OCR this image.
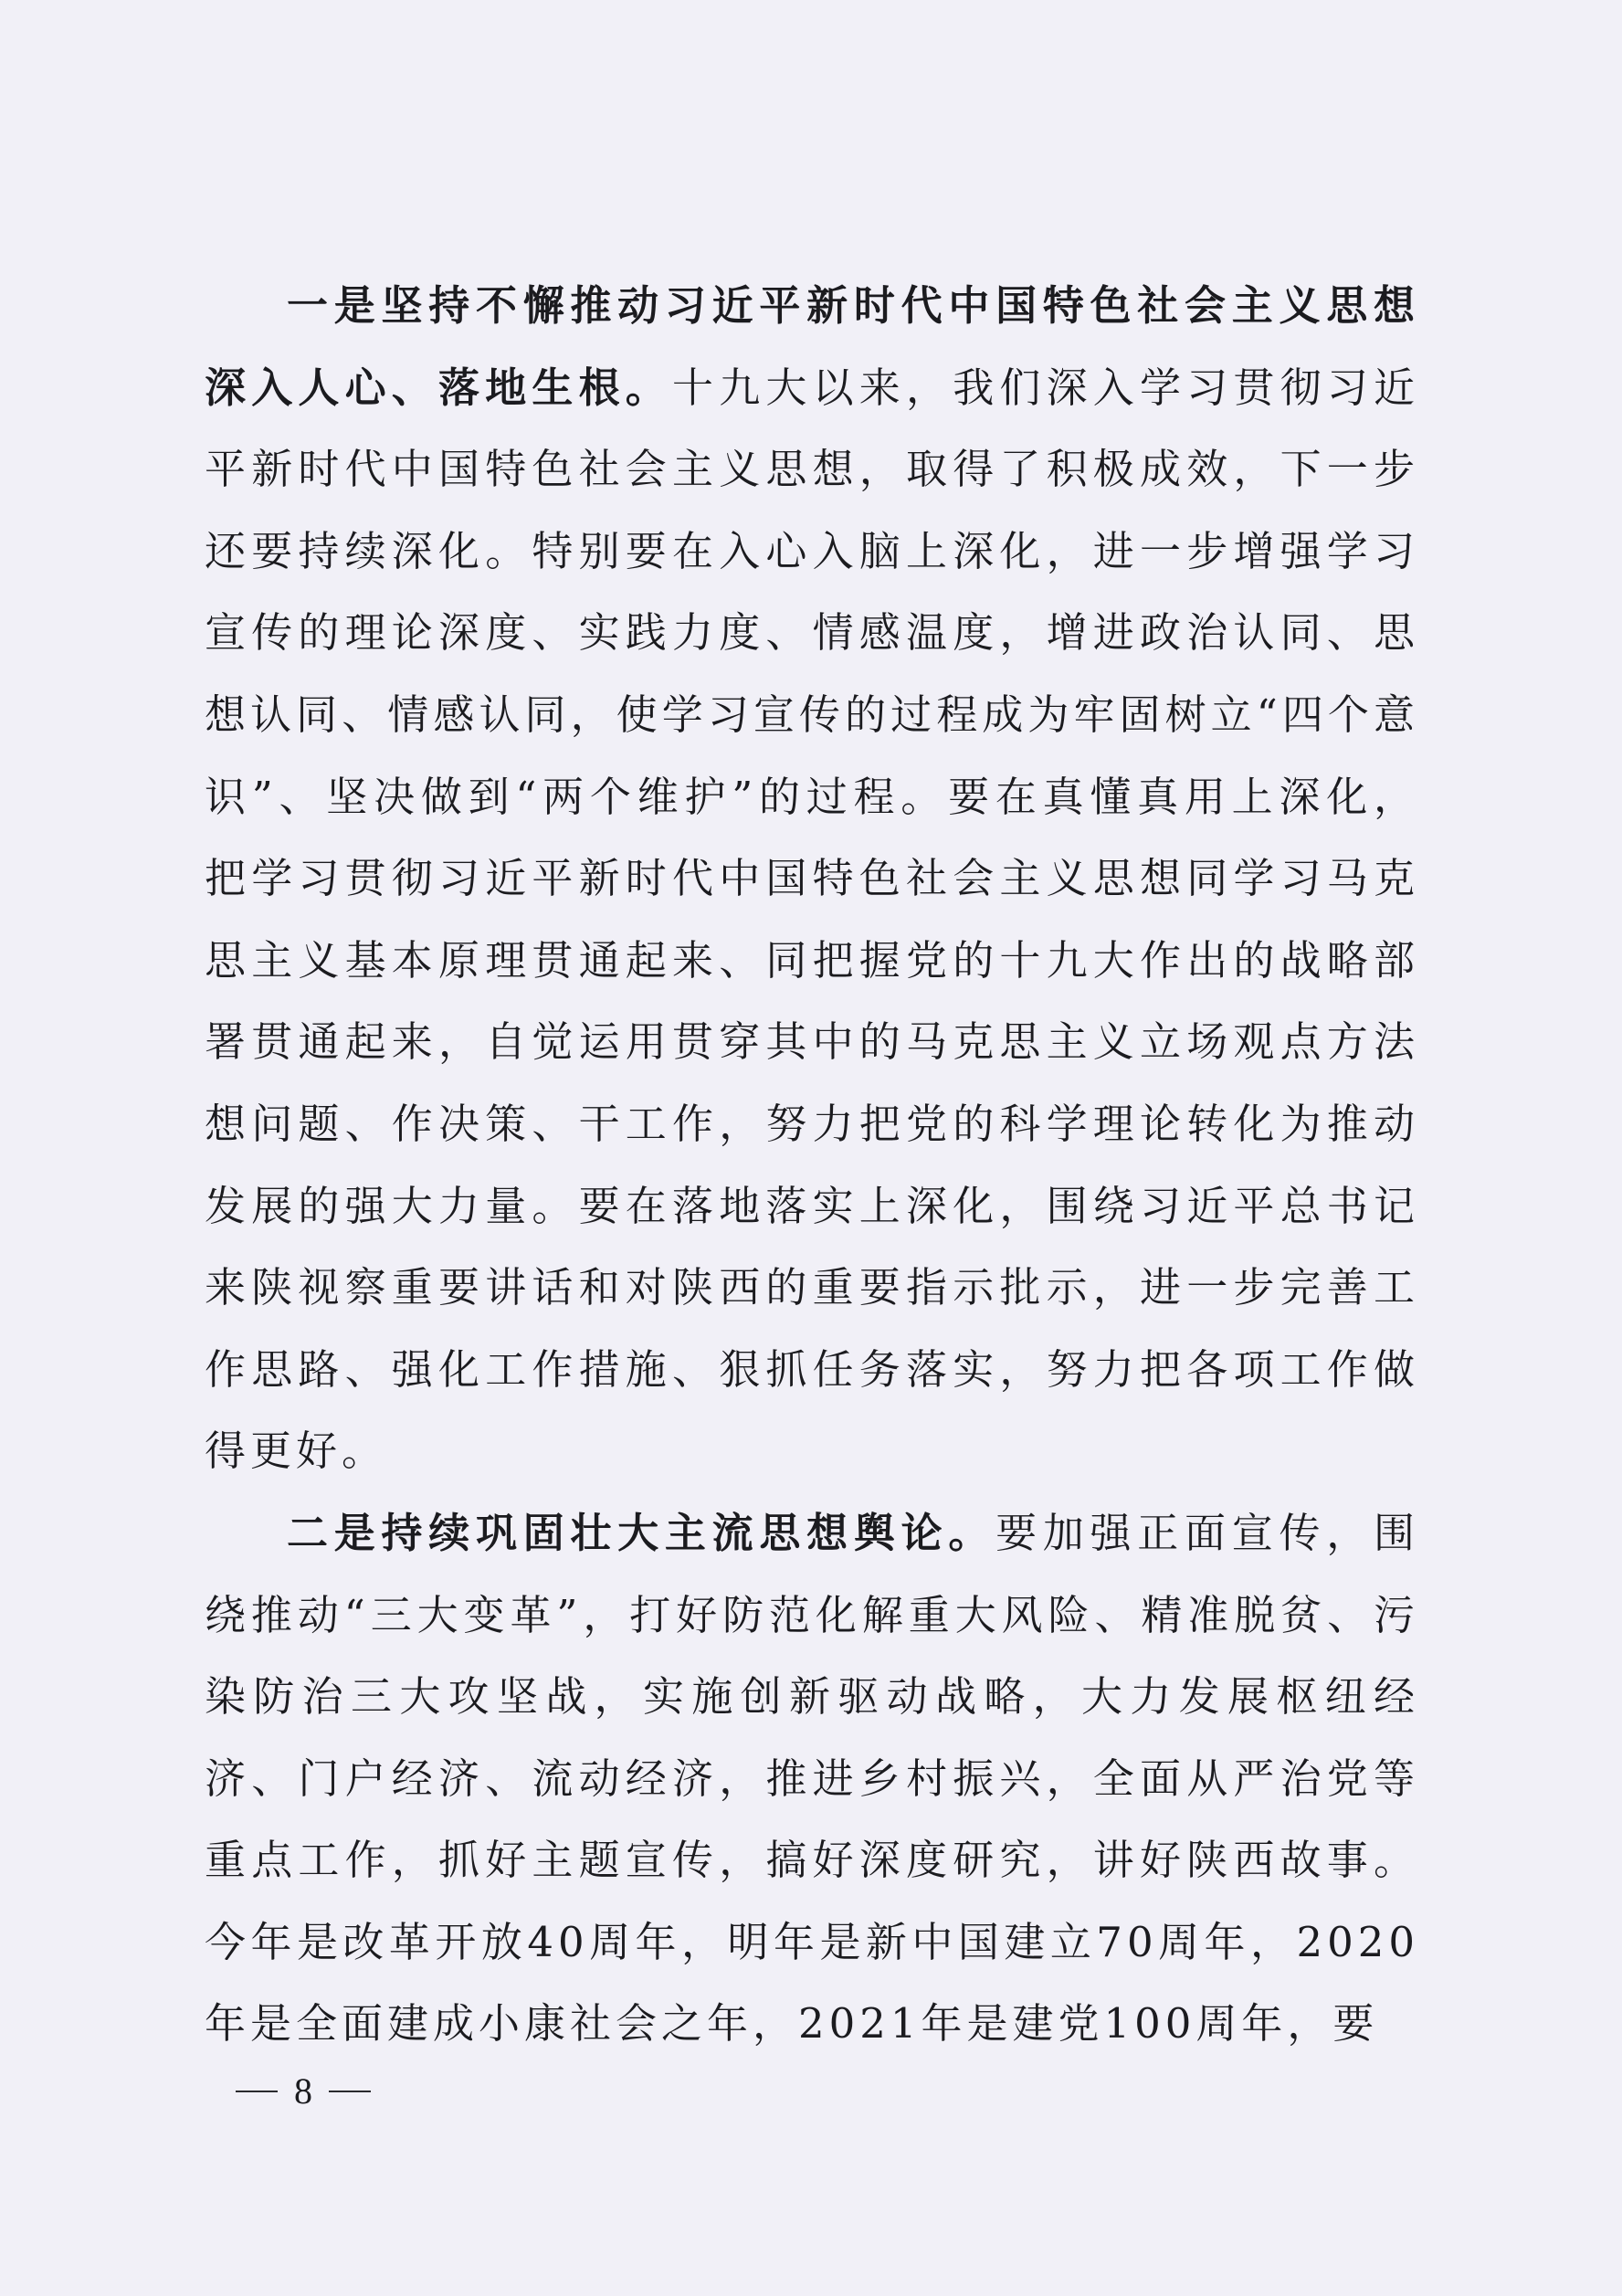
一是坚持不懈推动习近平新时代中国特色社会主义思想深入人心、落地生根。十九大以来，我们深入学习贯彻习近平新时代中国特色社会主义思想，取得了积极成效，下一步还要持续深化。特别要在入心入脑上深化，进一步增强学习宣传的理论深度、实践力度、情感温度，增进政治认同、思想认同、情感认同，使学习宣传的过程成为牢固树立“四个意识”、坚决做到“两个维护”的过程。要在真懂真用上深化，把学习贯彻习近平新时代中国特色社会主义思想同学习马克思主义基本原理贯通起来、同把握党的十九大作出的战略部署贯通起来，自觉运用贯穿其中的马克思主义立场观点方法想问题、作决策、干工作，努力把党的科学理论转化为推动发展的强大力量。要在落地落实上深化，围绕习近平总书记来陕视察重要讲话和对陕西的重要指示批示，进一步完善工作思路、强化工作措施、狠抓任务落实，努力把各项工作做得更好。

二是持续巩固壮大主流思想舆论。要加强正面宣传，围绕推动“三大变革”，打好防范化解重大风险、精准脱贫、污染防治三大攻坚战，实施创新驱动战略，大力发展枢纽经济、门户经济、流动经济，推进乡村振兴，全面从严治党等重点工作，抓好主题宣传，搞好深度研究，讲好陕西故事。今年是改革开放40周年，明年是新中国建立70周年，2020年是全面建成小康社会之年，2021年是建党100周年，要

8
